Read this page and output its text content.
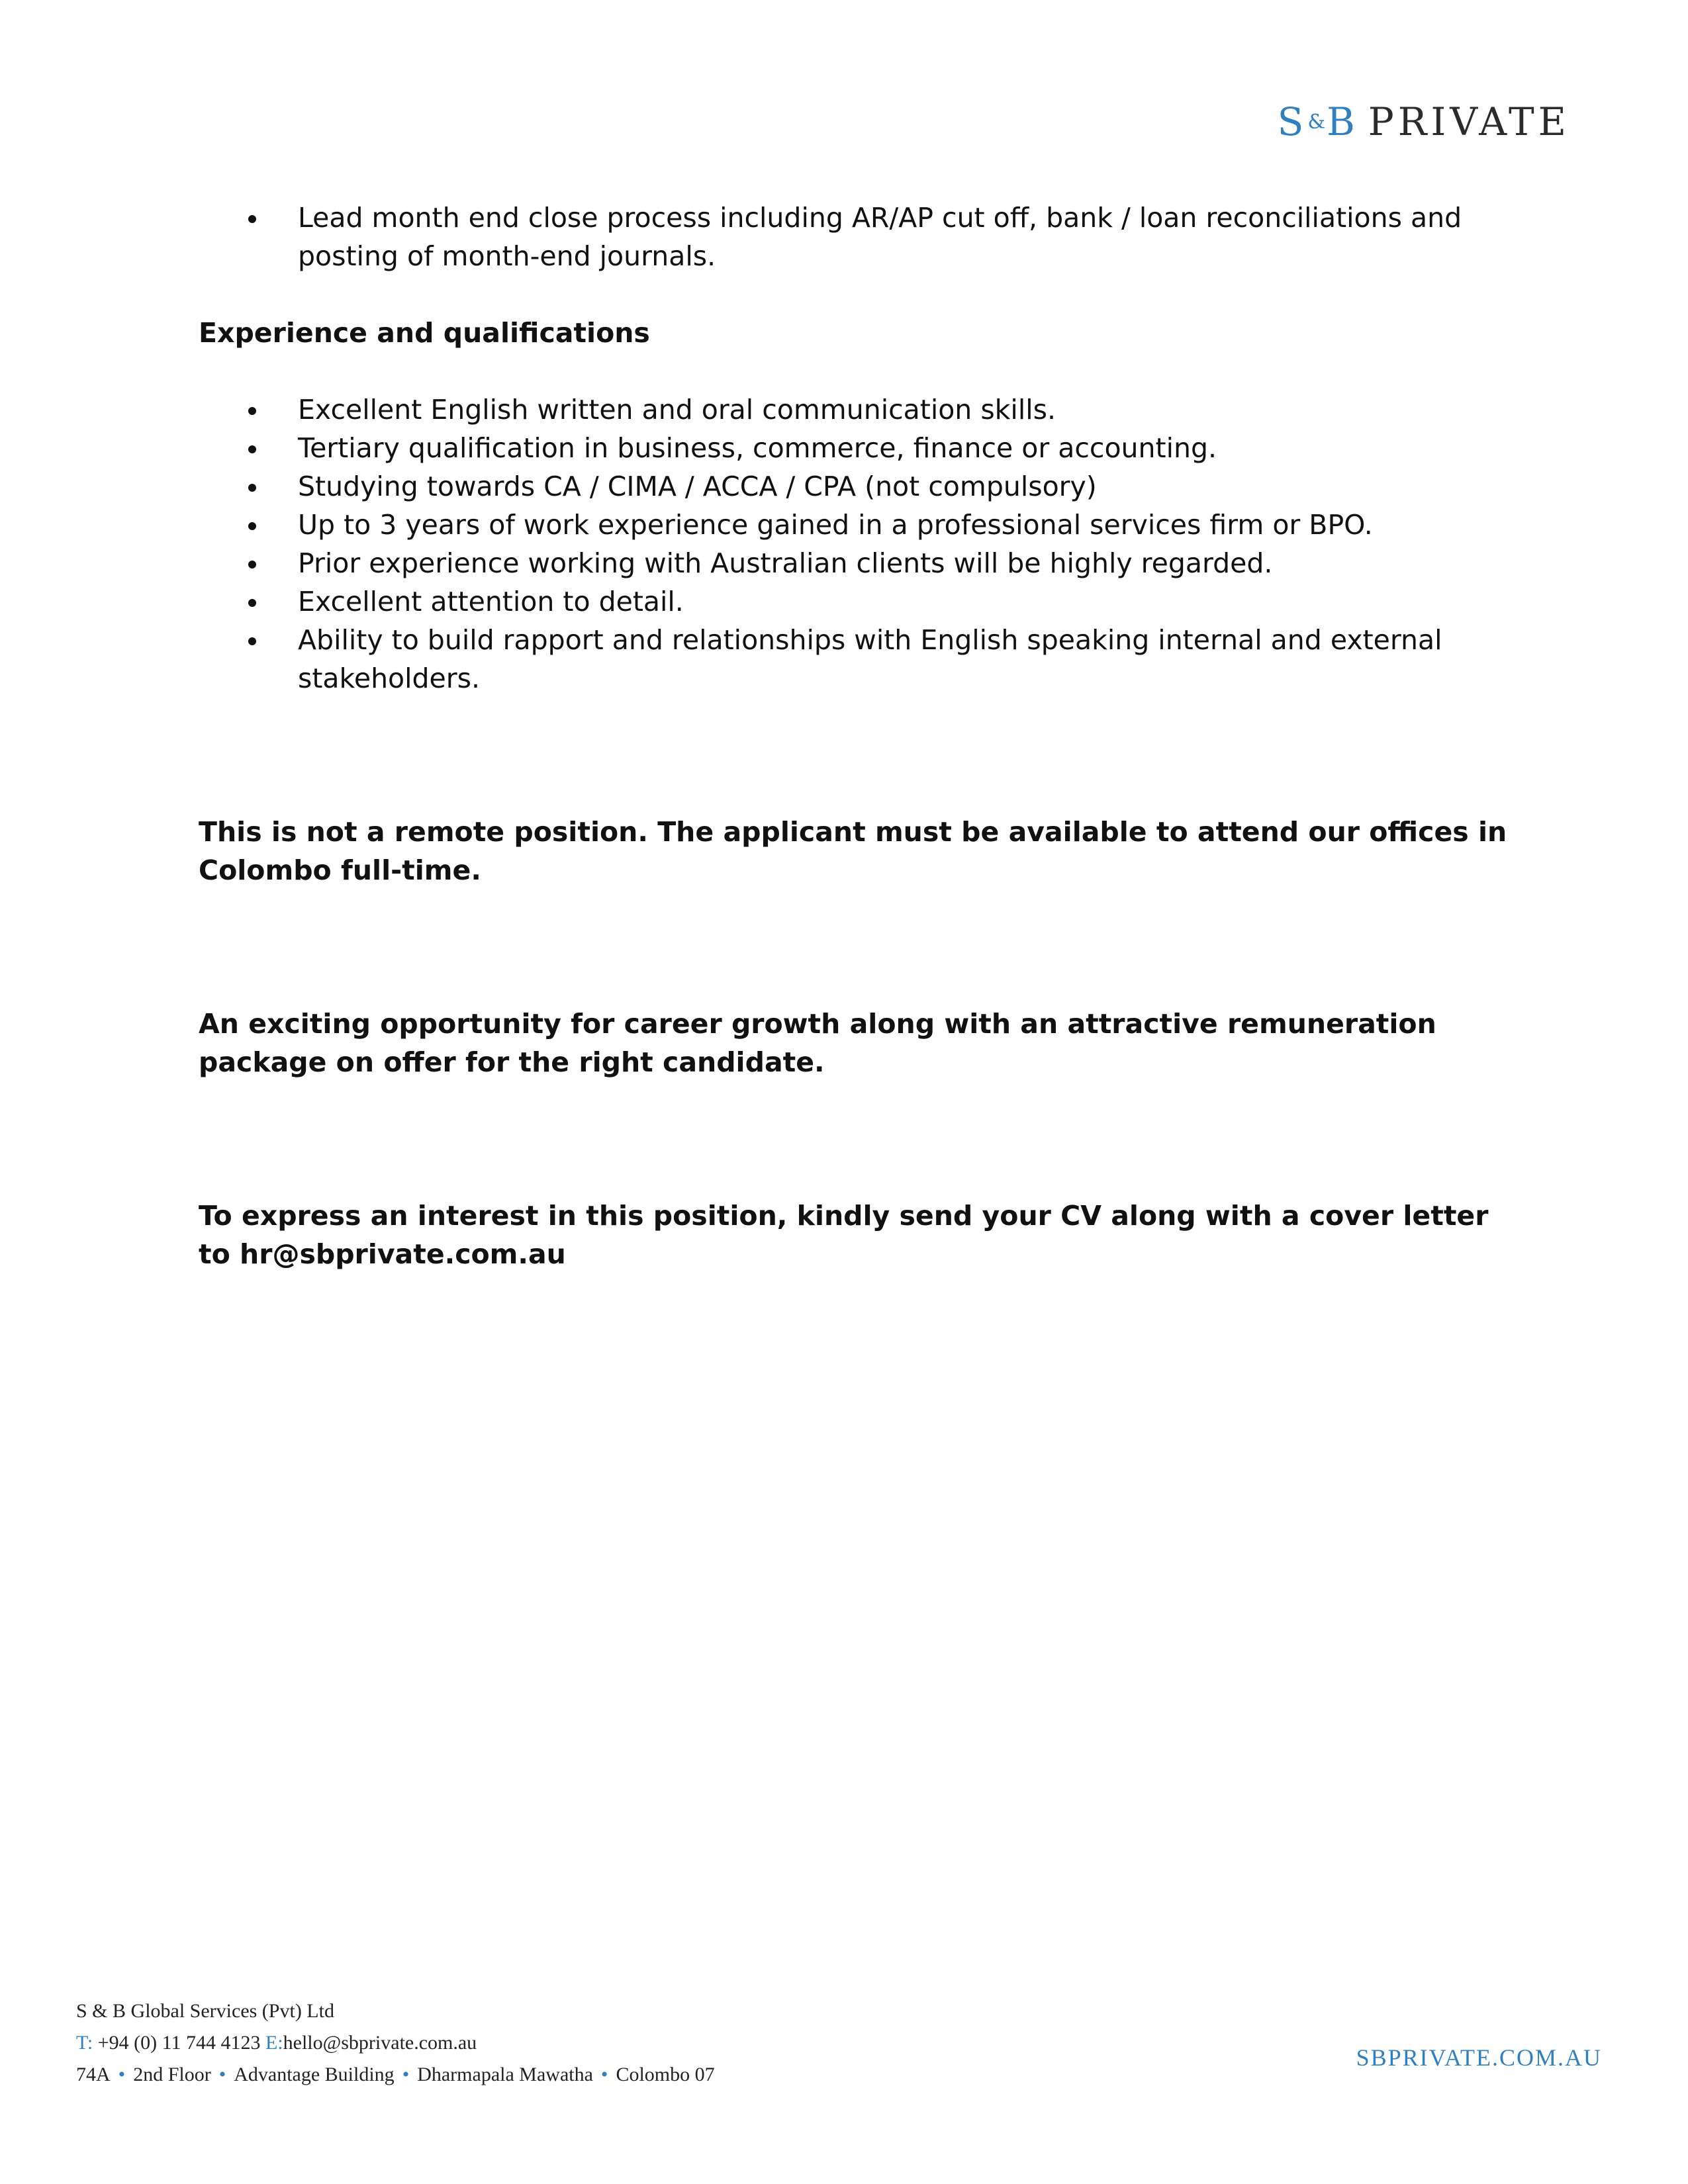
S&B PRIVATE
Lead month end close process including AR/AP cut off, bank / loan reconciliations and posting of month-end journals.

Experience and qualifications

Excellent English written and oral communication skills.
Tertiary qualification in business, commerce, finance or accounting.
Studying towards CA / CIMA / ACCA / CPA (not compulsory)
Up to 3 years of work experience gained in a professional services firm or BPO.
Prior experience working with Australian clients will be highly regarded.
Excellent attention to detail.
Ability to build rapport and relationships with English speaking internal and external stakeholders.

This is not a remote position. The applicant must be available to attend our offices in Colombo full-time.

An exciting opportunity for career growth along with an attractive remuneration package on offer for the right candidate.

To express an interest in this position, kindly send your CV along with a cover letter to hr@sbprivate.com.au

S & B Global Services (Pvt) Ltd
T: +94 (0) 11 744 4123 E:hello@sbprivate.com.au
74A • 2nd Floor • Advantage Building • Dharmapala Mawatha • Colombo 07
SBPRIVATE.COM.AU
